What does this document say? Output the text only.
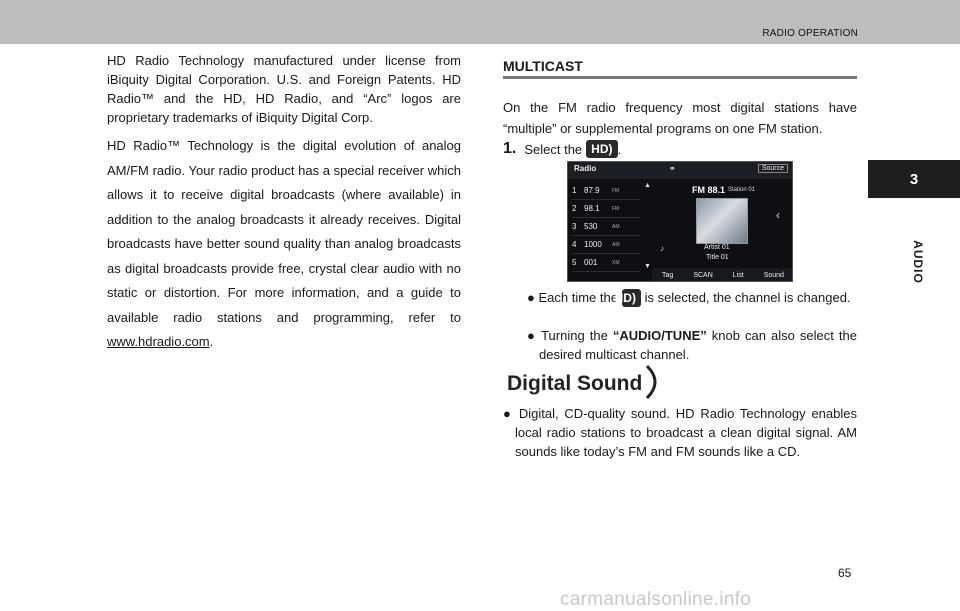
RADIO OPERATION
3
AUDIO

HD Radio Technology manufactured under license from iBiquity Digital Corporation. U.S. and Foreign Patents. HD Radio™ and the HD, HD Radio, and “Arc” logos are proprietary trademarks of iBiquity Digital Corp.

HD Radio™ Technology is the digital evolution of analog AM/FM radio. Your radio product has a special receiver which allows it to receive digital broadcasts (where available) in addition to the analog broadcasts it already receives. Digital broadcasts have better sound quality than analog broadcasts as digital broadcasts provide free, crystal clear audio with no static or distortion. For more information, and a guide to available radio stations and programming, refer to www.hdradio.com.

MULTICAST
On the FM radio frequency most digital stations have “multiple” or supplemental programs on one FM station.
1. Select the HD) .
Radio	⚭	Source
1 87.9	FM
2 98.1	FM
3 530	AM
4 1000	AM
5 001	XM
▲
▼
FM 88.1 Station 01
♪	Artist 01
Title 01
‹
Tag	SCAN	List	Sound
● Each time the HD) is selected, the channel is changed.
● Turning the “AUDIO/TUNE” knob can also select the desired multicast channel.
Digital Sound
● Digital, CD-quality sound. HD Radio Technology enables local radio stations to broadcast a clean digital signal. AM sounds like today’s FM and FM sounds like a CD.
65
carmanualsonline.info
